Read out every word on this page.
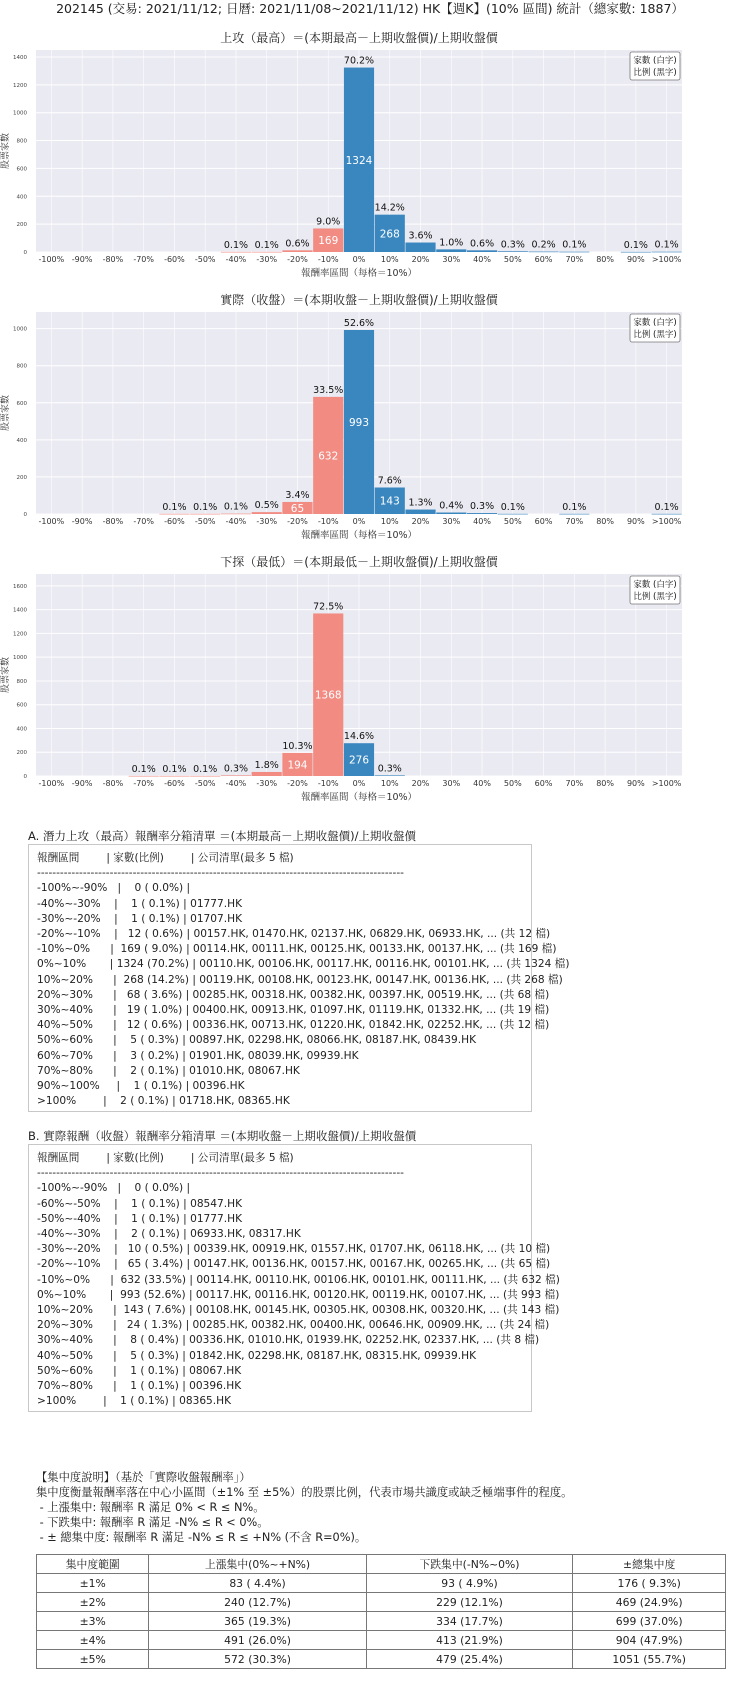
202145 (交易: 2021/11/12; 日曆: 2021/11/08~2021/11/12) HK【週K】(10% 區間) 統計（總家數: 1887）
上攻（最高）＝(本期最高－上期收盤價)/上期收盤價
0
200
400
600
800
1000
1200
1400
-100% -90% -80% -70% -60% -50% -40% -30% -20% -10% 0% 10% 20% 30% 40% 50% 60% 70% 80% 90% >100%
0.1% 0.1% 0.6% 169
9.0%
1324
70.2%
268
14.2%
3.6%
1.0% 0.6% 0.3% 0.2% 0.1%	0.1% 0.1%
股票家數
報酬率區間（每格＝10%）
家數 (白字)
比例 (黑字)
實際（收盤）＝(本期收盤－上期收盤價)/上期收盤價
0
200
400
600
800
1000
-100% -90% -80% -70% -60% -50% -40% -30% -20% -10% 0% 10% 20% 30% 40% 50% 60% 70% 80% 90% >100%
0.1% 0.1% 0.1% 0.5% 65
3.4%
632
33.5%
993
52.6%
143
7.6%
1.3% 0.4% 0.3% 0.1%	0.1%	0.1%
股票家數
報酬率區間（每格＝10%）
家數 (白字)
比例 (黑字)
下探（最低）＝(本期最低－上期收盤價)/上期收盤價
0
200
400
600
800
1000
1200
1400
1600
-100% -90% -80% -70% -60% -50% -40% -30% -20% -10% 0% 10% 20% 30% 40% 50% 60% 70% 80% 90% >100%
0.1% 0.1% 0.1% 0.3% 1.8% 194
10.3%
1368
72.5%
276
14.6%
0.3%
股票家數
報酬率區間（每格＝10%）
家數 (白字)
比例 (黑字)
A. 潛力上攻（最高）報酬率分箱清單 ＝(本期最高－上期收盤價)/上期收盤價
報酬區間        | 家數(比例)        | 公司清單(最多 5 檔)
------------------------------------------------------------------------------------------------
-100%~-90%   |    0 ( 0.0%) |
-40%~-30%    |    1 ( 0.1%) | 01777.HK
-30%~-20%    |    1 ( 0.1%) | 01707.HK
-20%~-10%    |   12 ( 0.6%) | 00157.HK, 01470.HK, 02137.HK, 06829.HK, 06933.HK, ... (共 12 檔)
-10%~0%      |  169 ( 9.0%) | 00114.HK, 00111.HK, 00125.HK, 00133.HK, 00137.HK, ... (共 169 檔)
0%~10%       | 1324 (70.2%) | 00110.HK, 00106.HK, 00117.HK, 00116.HK, 00101.HK, ... (共 1324 檔)
10%~20%      |  268 (14.2%) | 00119.HK, 00108.HK, 00123.HK, 00147.HK, 00136.HK, ... (共 268 檔)
20%~30%      |   68 ( 3.6%) | 00285.HK, 00318.HK, 00382.HK, 00397.HK, 00519.HK, ... (共 68 檔)
30%~40%      |   19 ( 1.0%) | 00400.HK, 00913.HK, 01097.HK, 01119.HK, 01332.HK, ... (共 19 檔)
40%~50%      |   12 ( 0.6%) | 00336.HK, 00713.HK, 01220.HK, 01842.HK, 02252.HK, ... (共 12 檔)
50%~60%      |    5 ( 0.3%) | 00897.HK, 02298.HK, 08066.HK, 08187.HK, 08439.HK
60%~70%      |    3 ( 0.2%) | 01901.HK, 08039.HK, 09939.HK
70%~80%      |    2 ( 0.1%) | 01010.HK, 08067.HK
90%~100%     |    1 ( 0.1%) | 00396.HK
>100%        |    2 ( 0.1%) | 01718.HK, 08365.HK
B. 實際報酬（收盤）報酬率分箱清單 ＝(本期收盤－上期收盤價)/上期收盤價
報酬區間        | 家數(比例)        | 公司清單(最多 5 檔)
------------------------------------------------------------------------------------------------
-100%~-90%   |    0 ( 0.0%) |
-60%~-50%    |    1 ( 0.1%) | 08547.HK
-50%~-40%    |    1 ( 0.1%) | 01777.HK
-40%~-30%    |    2 ( 0.1%) | 06933.HK, 08317.HK
-30%~-20%    |   10 ( 0.5%) | 00339.HK, 00919.HK, 01557.HK, 01707.HK, 06118.HK, ... (共 10 檔)
-20%~-10%    |   65 ( 3.4%) | 00147.HK, 00136.HK, 00157.HK, 00167.HK, 00265.HK, ... (共 65 檔)
-10%~0%      |  632 (33.5%) | 00114.HK, 00110.HK, 00106.HK, 00101.HK, 00111.HK, ... (共 632 檔)
0%~10%       |  993 (52.6%) | 00117.HK, 00116.HK, 00120.HK, 00119.HK, 00107.HK, ... (共 993 檔)
10%~20%      |  143 ( 7.6%) | 00108.HK, 00145.HK, 00305.HK, 00308.HK, 00320.HK, ... (共 143 檔)
20%~30%      |   24 ( 1.3%) | 00285.HK, 00382.HK, 00400.HK, 00646.HK, 00909.HK, ... (共 24 檔)
30%~40%      |    8 ( 0.4%) | 00336.HK, 01010.HK, 01939.HK, 02252.HK, 02337.HK, ... (共 8 檔)
40%~50%      |    5 ( 0.3%) | 01842.HK, 02298.HK, 08187.HK, 08315.HK, 09939.HK
50%~60%      |    1 ( 0.1%) | 08067.HK
70%~80%      |    1 ( 0.1%) | 00396.HK
>100%        |    1 ( 0.1%) | 08365.HK
【集中度說明】（基於「實際收盤報酬率」）
集中度衡量報酬率落在中心小區間（±1% 至 ±5%）的股票比例，代表市場共識度或缺乏極端事件的程度。
- 上漲集中: 報酬率 R 滿足 0% < R ≤ N%。
- 下跌集中: 報酬率 R 滿足 -N% ≤ R < 0%。
- ± 總集中度: 報酬率 R 滿足 -N% ≤ R ≤ +N% (不含 R=0%)。
集中度範圍	上漲集中(0%~+N%)	下跌集中(-N%~0%)	±總集中度
±1%	83 ( 4.4%)	93 ( 4.9%)	176 ( 9.3%)
±2%	240 (12.7%)	229 (12.1%)	469 (24.9%)
±3%	365 (19.3%)	334 (17.7%)	699 (37.0%)
±4%	491 (26.0%)	413 (21.9%)	904 (47.9%)
±5%	572 (30.3%)	479 (25.4%)	1051 (55.7%)
